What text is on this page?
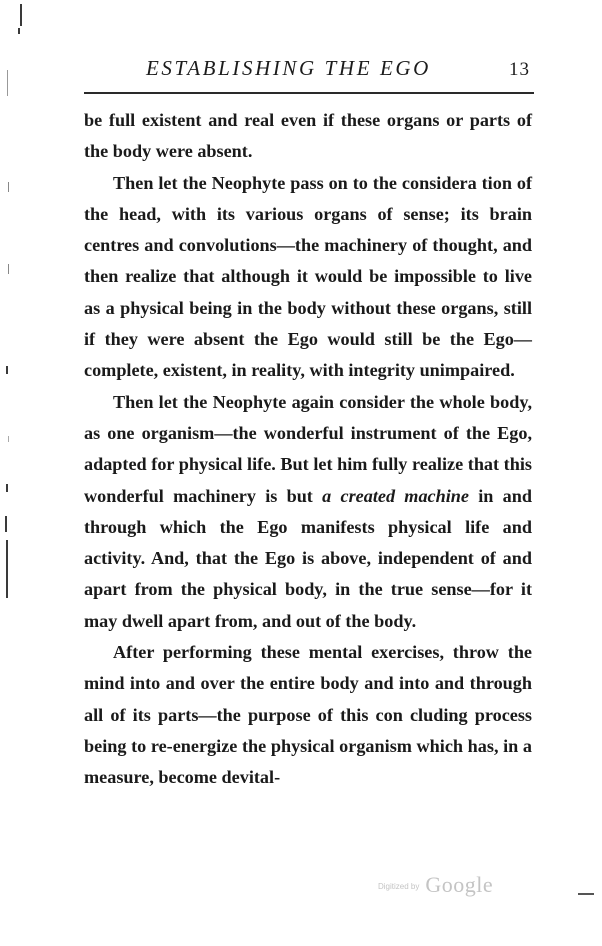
ESTABLISHING THE EGO	13

be full existent and real even if these organs or parts of the body were absent.

Then let the Neophyte pass on to the considera tion of the head, with its various organs of sense; its brain centres and convolutions—the machinery of thought, and then realize that although it would be impossible to live as a physical being in the body without these organs, still if they were absent the Ego would still be the Ego—complete, existent, in reality, with integrity unimpaired.

Then let the Neophyte again consider the whole body, as one organism—the wonderful instrument of the Ego, adapted for physical life. But let him fully realize that this wonderful machinery is but a created machine in and through which the Ego manifests physical life and activity. And, that the Ego is above, independent of and apart from the physical body, in the true sense—for it may dwell apart from, and out of the body.

After performing these mental exercises, throw the mind into and over the entire body and into and through all of its parts—the purpose of this con cluding process being to re-energize the physical organism which has, in a measure, become devital-

Digitized by Google
